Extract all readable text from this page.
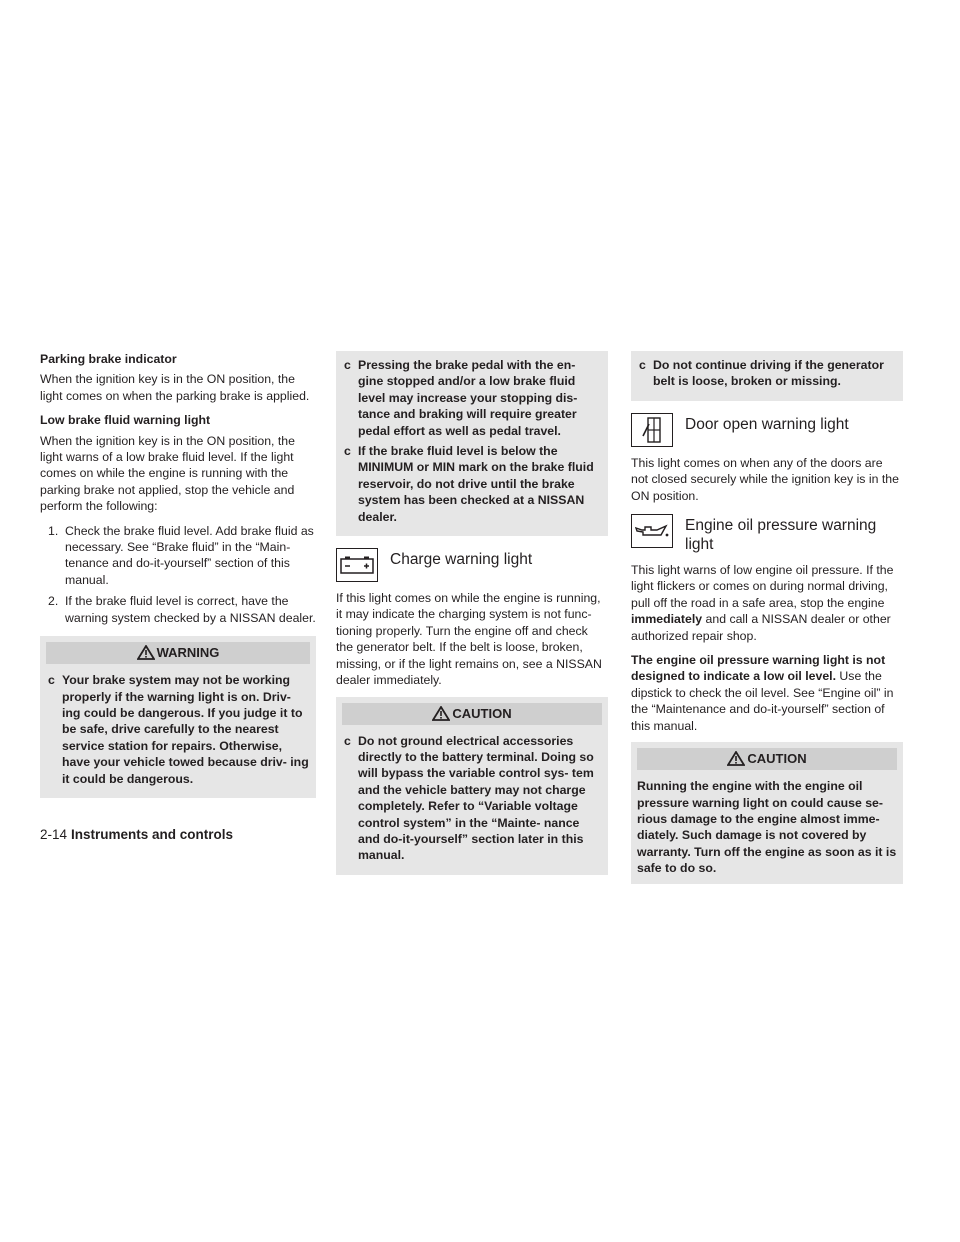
Parking brake indicator

When the ignition key is in the ON position, the light comes on when the parking brake is applied.

Low brake fluid warning light

When the ignition key is in the ON position, the light warns of a low brake fluid level. If the light comes on while the engine is running with the parking brake not applied, stop the vehicle and perform the following:

1. Check the brake fluid level. Add brake fluid as necessary. See “Brake fluid” in the “Main- tenance and do-it-yourself” section of this manual.
2. If the brake fluid level is correct, have the warning system checked by a NISSAN dealer.
WARNING
c Your brake system may not be working properly if the warning light is on. Driv- ing could be dangerous. If you judge it to be safe, drive carefully to the nearest service station for repairs. Otherwise, have your vehicle towed because driv- ing it could be dangerous.
c Pressing the brake pedal with the en- gine stopped and/or a low brake fluid level may increase your stopping dis- tance and braking will require greater pedal effort as well as pedal travel.
c If the brake fluid level is below the MINIMUM or MIN mark on the brake fluid reservoir, do not drive until the brake system has been checked at a NISSAN dealer.
Charge warning light

If this light comes on while the engine is running, it may indicate the charging system is not func- tioning properly. Turn the engine off and check the generator belt. If the belt is loose, broken, missing, or if the light remains on, see a NISSAN dealer immediately.

CAUTION
c Do not ground electrical accessories directly to the battery terminal. Doing so will bypass the variable control sys- tem and the vehicle battery may not charge completely. Refer to “Variable voltage control system” in the “Mainte- nance and do-it-yourself” section later in this manual.
c Do not continue driving if the generator belt is loose, broken or missing.
Door open warning light

This light comes on when any of the doors are not closed securely while the ignition key is in the ON position.

Engine oil pressure warning light

This light warns of low engine oil pressure. If the light flickers or comes on during normal driving, pull off the road in a safe area, stop the engine immediately and call a NISSAN dealer or other authorized repair shop.

The engine oil pressure warning light is not designed to indicate a low oil level. Use the dipstick to check the oil level. See “Engine oil” in the “Maintenance and do-it-yourself” section of this manual.

CAUTION
Running the engine with the engine oil pressure warning light on could cause se- rious damage to the engine almost imme- diately. Such damage is not covered by warranty. Turn off the engine as soon as it is safe to do so.
2-14 Instruments and controls
